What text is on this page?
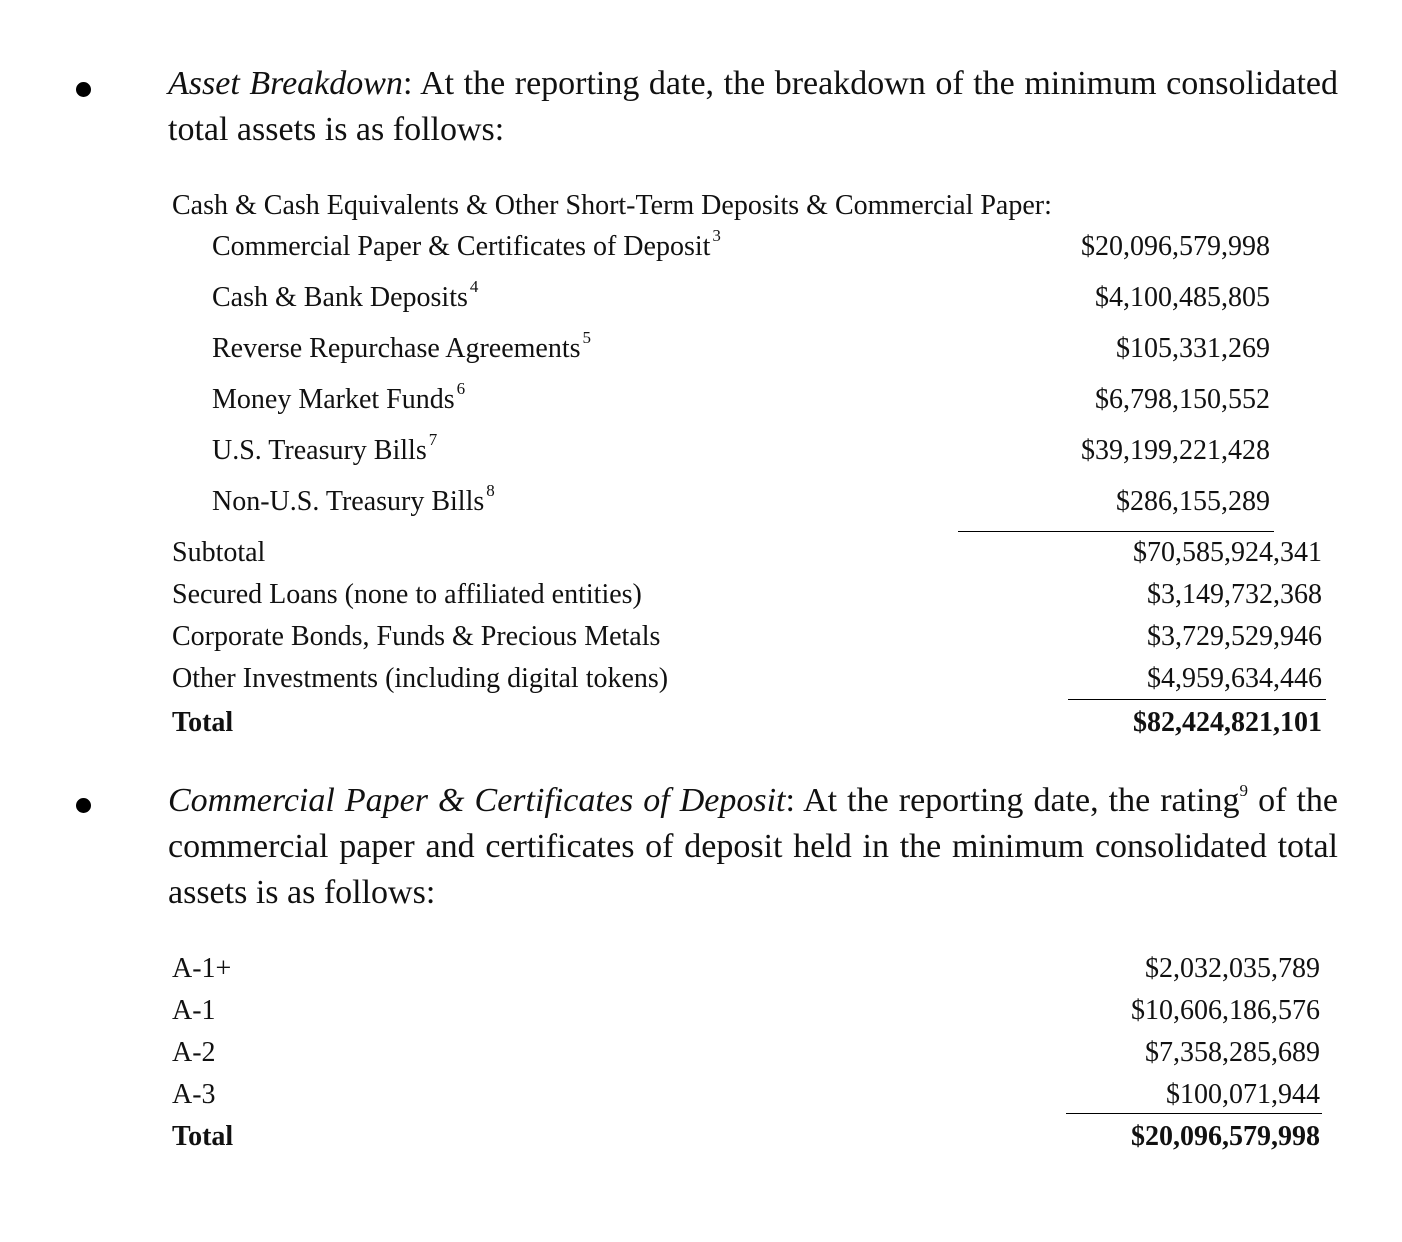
Asset Breakdown: At the reporting date, the breakdown of the minimum consolidated total assets is as follows:

Cash & Cash Equivalents & Other Short-Term Deposits & Commercial Paper:
Commercial Paper & Certificates of Deposit $^3$	$20,096,579,998
Cash & Bank Deposits $^4$	$4,100,485,805
Reverse Repurchase Agreements $^5$	$105,331,269
Money Market Funds $^6$	$6,798,150,552
U.S. Treasury Bills $^7$	$39,199,221,428
Non-U.S. Treasury Bills $^8$	$286,155,289
Subtotal	$70,585,924,341
Secured Loans (none to affiliated entities)	$3,149,732,368
Corporate Bonds, Funds & Precious Metals	$3,729,529,946
Other Investments (including digital tokens)	$4,959,634,446
Total	$82,424,821,101

Commercial Paper & Certificates of Deposit: At the reporting date, the rating$^9$ of the commercial paper and certificates of deposit held in the minimum consolidated total assets is as follows:

A-1+	$2,032,035,789
A-1	$10,606,186,576
A-2	$7,358,285,689
A-3	$100,071,944
Total	$20,096,579,998
